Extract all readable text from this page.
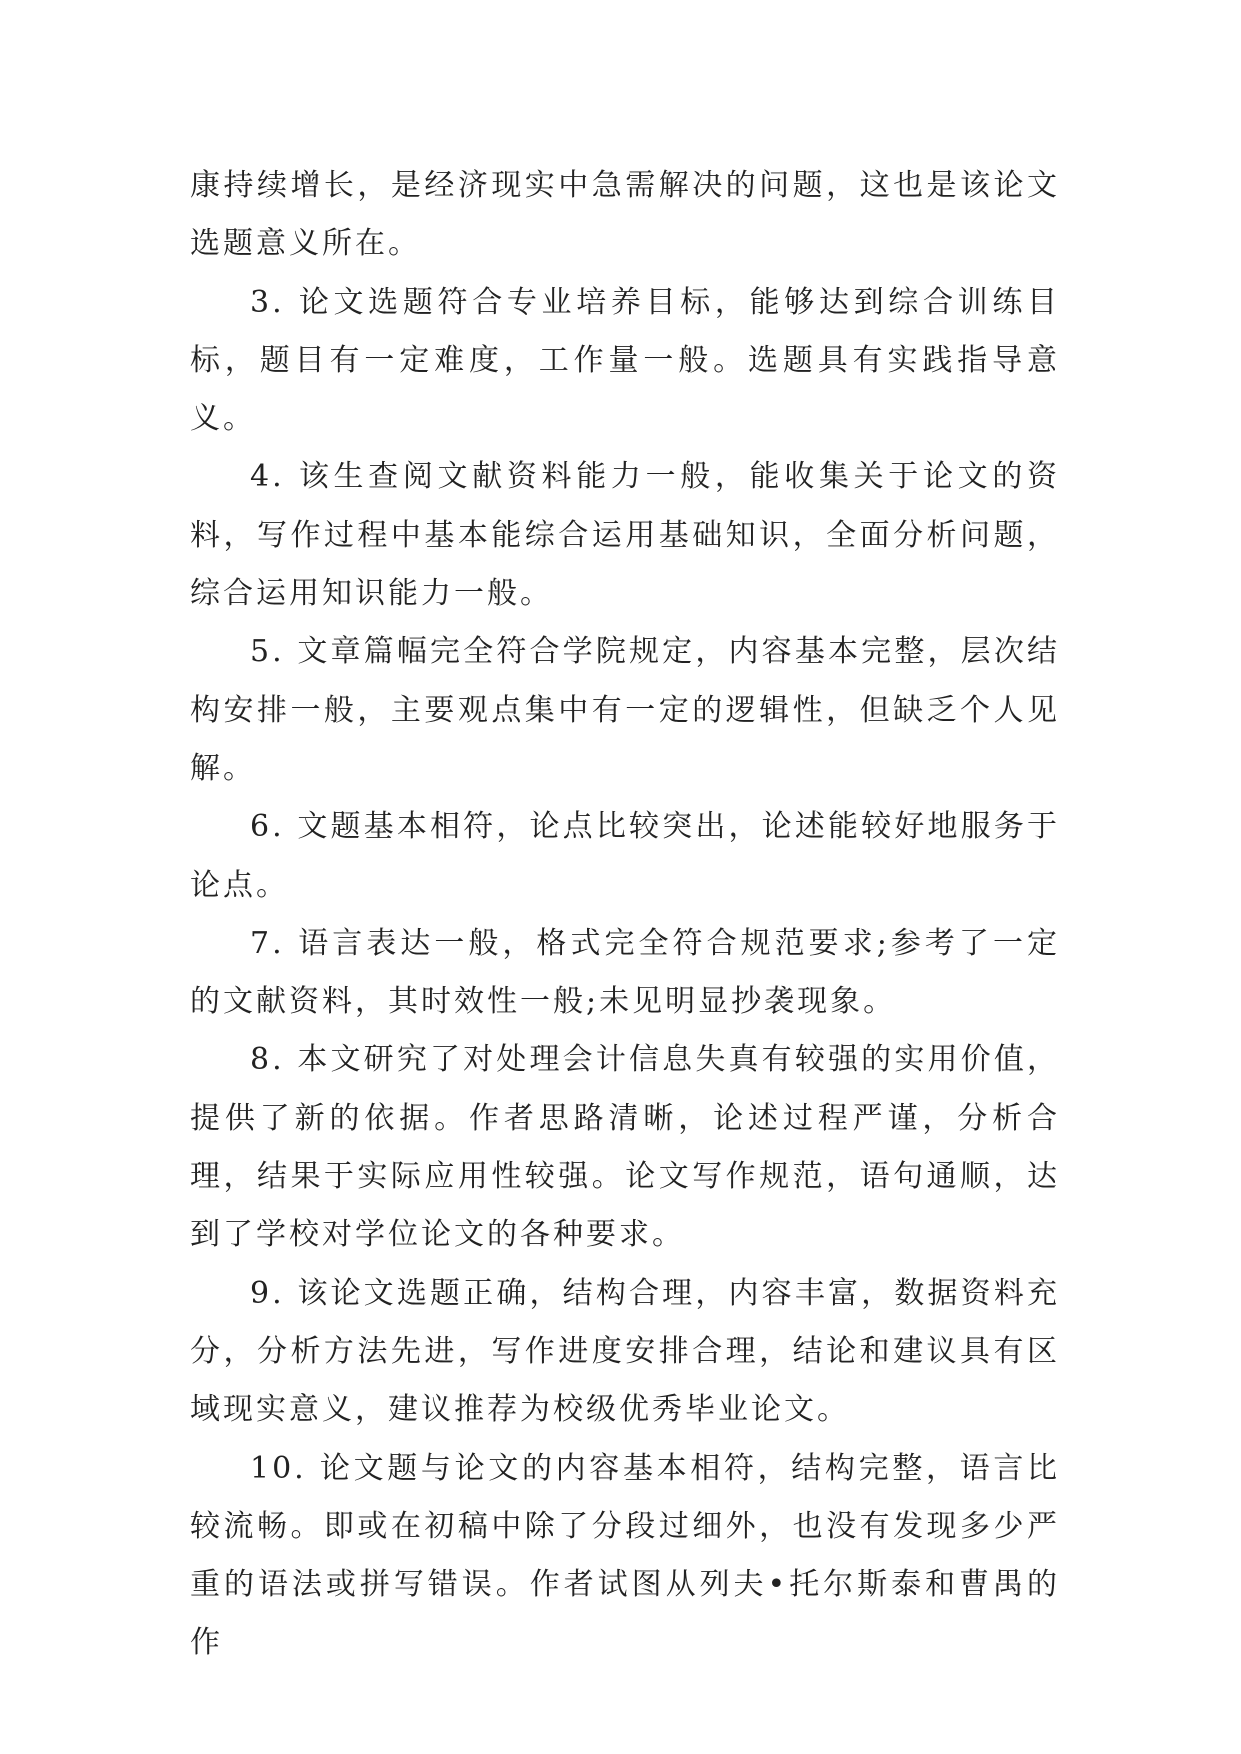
康持续增长，是经济现实中急需解决的问题，这也是该论文选题意义所在。

3. 论文选题符合专业培养目标，能够达到综合训练目标，题目有一定难度，工作量一般。选题具有实践指导意义。

4. 该生查阅文献资料能力一般，能收集关于论文的资料，写作过程中基本能综合运用基础知识，全面分析问题，综合运用知识能力一般。

5. 文章篇幅完全符合学院规定，内容基本完整，层次结构安排一般，主要观点集中有一定的逻辑性，但缺乏个人见解。

6. 文题基本相符，论点比较突出，论述能较好地服务于论点。

7. 语言表达一般，格式完全符合规范要求;参考了一定的文献资料，其时效性一般;未见明显抄袭现象。

8. 本文研究了对处理会计信息失真有较强的实用价值，提供了新的依据。作者思路清晰，论述过程严谨，分析合理，结果于实际应用性较强。论文写作规范，语句通顺，达到了学校对学位论文的各种要求。

9. 该论文选题正确，结构合理，内容丰富，数据资料充分，分析方法先进，写作进度安排合理，结论和建议具有区域现实意义，建议推荐为校级优秀毕业论文。

10. 论文题与论文的内容基本相符，结构完整，语言比较流畅。即或在初稿中除了分段过细外，也没有发现多少严重的语法或拼写错误。作者试图从列夫•托尔斯泰和曹禺的作
